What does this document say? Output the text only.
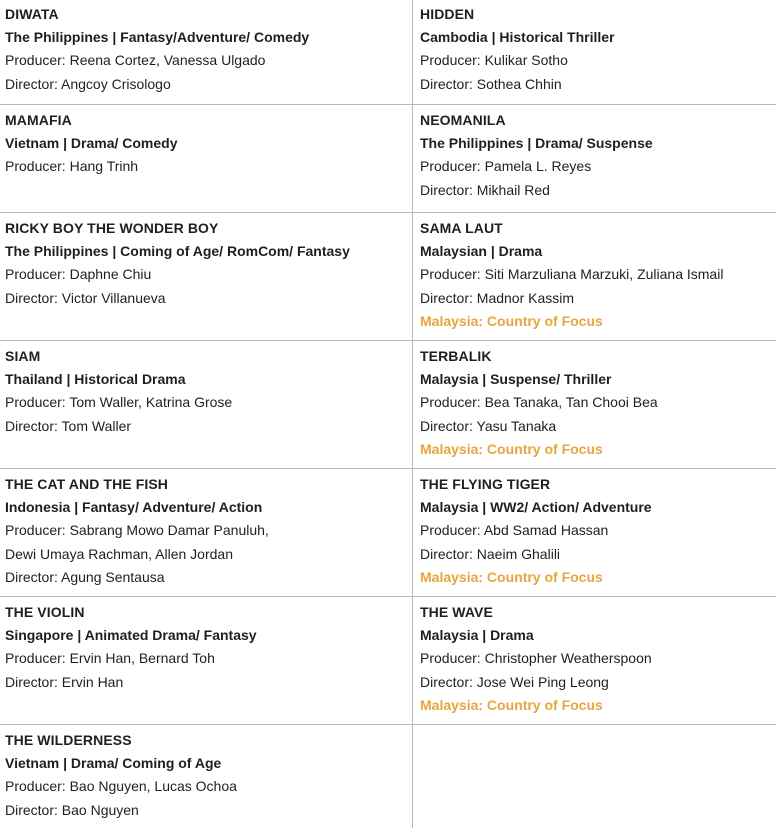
DIWATA
The Philippines | Fantasy/Adventure/ Comedy
Producer: Reena Cortez, Vanessa Ulgado
Director: Angcoy Crisologo
HIDDEN
Cambodia | Historical Thriller
Producer: Kulikar Sotho
Director: Sothea Chhin
MAMAFIA
Vietnam | Drama/ Comedy
Producer: Hang Trinh
NEOMANILA
The Philippines | Drama/ Suspense
Producer: Pamela L. Reyes
Director: Mikhail Red
RICKY BOY THE WONDER BOY
The Philippines | Coming of Age/ RomCom/ Fantasy
Producer: Daphne Chiu
Director: Victor Villanueva
SAMA LAUT
Malaysian | Drama
Producer: Siti Marzuliana Marzuki, Zuliana Ismail
Director: Madnor Kassim
Malaysia: Country of Focus
SIAM
Thailand | Historical Drama
Producer: Tom Waller, Katrina Grose
Director: Tom Waller
TERBALIK
Malaysia | Suspense/ Thriller
Producer: Bea Tanaka, Tan Chooi Bea
Director: Yasu Tanaka
Malaysia: Country of Focus
THE CAT AND THE FISH
Indonesia | Fantasy/ Adventure/ Action
Producer: Sabrang Mowo Damar Panuluh,
Dewi Umaya Rachman, Allen Jordan
Director: Agung Sentausa
THE FLYING TIGER
Malaysia | WW2/ Action/ Adventure
Producer: Abd Samad Hassan
Director: Naeim Ghalili
Malaysia: Country of Focus
THE VIOLIN
Singapore | Animated Drama/ Fantasy
Producer: Ervin Han, Bernard Toh
Director: Ervin Han
THE WAVE
Malaysia | Drama
Producer: Christopher Weatherspoon
Director: Jose Wei Ping Leong
Malaysia: Country of Focus
THE WILDERNESS
Vietnam | Drama/ Coming of Age
Producer: Bao Nguyen, Lucas Ochoa
Director: Bao Nguyen
